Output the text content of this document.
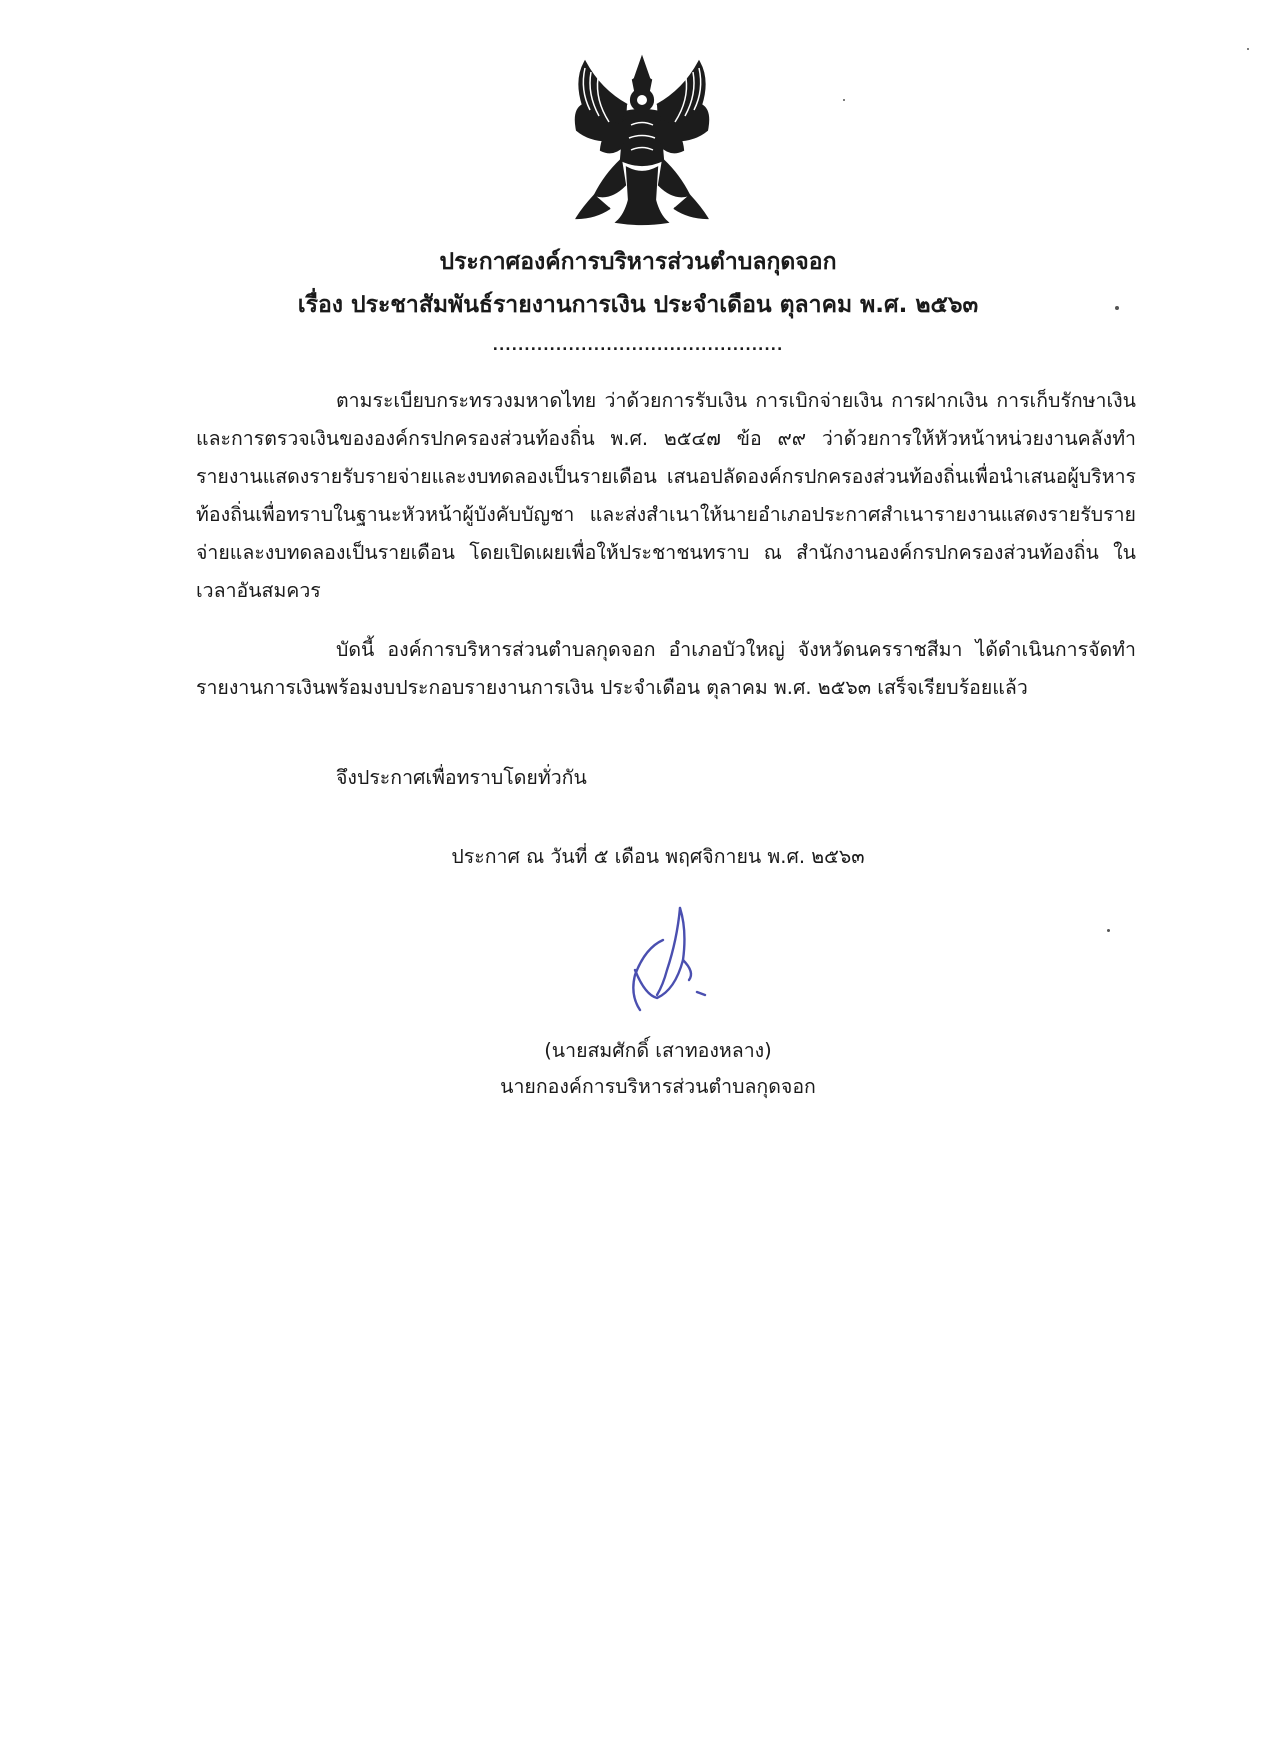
ประกาศองค์การบริหารส่วนตำบลกุดจอก
เรื่อง ประชาสัมพันธ์รายงานการเงิน ประจำเดือน ตุลาคม พ.ศ. ๒๕๖๓
..............................................

ตามระเบียบกระทรวงมหาดไทย ว่าด้วยการรับเงิน การเบิกจ่ายเงิน การฝากเงิน การเก็บรักษาเงิน และการตรวจเงินขององค์กรปกครองส่วนท้องถิ่น พ.ศ. ๒๕๔๗ ข้อ ๙๙ ว่าด้วยการให้หัวหน้าหน่วยงานคลังทำรายงานแสดงรายรับรายจ่ายและงบทดลองเป็นรายเดือน เสนอปลัดองค์กรปกครองส่วนท้องถิ่นเพื่อนำเสนอผู้บริหารท้องถิ่นเพื่อทราบในฐานะหัวหน้าผู้บังคับบัญชา และส่งสำเนาให้นายอำเภอประกาศสำเนารายงานแสดงรายรับรายจ่ายและงบทดลองเป็นรายเดือน โดยเปิดเผยเพื่อให้ประชาชนทราบ ณ สำนักงานองค์กรปกครองส่วนท้องถิ่น ในเวลาอันสมควร

บัดนี้ องค์การบริหารส่วนตำบลกุดจอก อำเภอบัวใหญ่ จังหวัดนครราชสีมา ได้ดำเนินการจัดทำรายงานการเงินพร้อมงบประกอบรายงานการเงิน ประจำเดือน ตุลาคม พ.ศ. ๒๕๖๓ เสร็จเรียบร้อยแล้ว

จึงประกาศเพื่อทราบโดยทั่วกัน

ประกาศ ณ วันที่ ๕ เดือน พฤศจิกายน พ.ศ. ๒๕๖๓
(นายสมศักดิ์ เสาทองหลาง)
นายกองค์การบริหารส่วนตำบลกุดจอก
